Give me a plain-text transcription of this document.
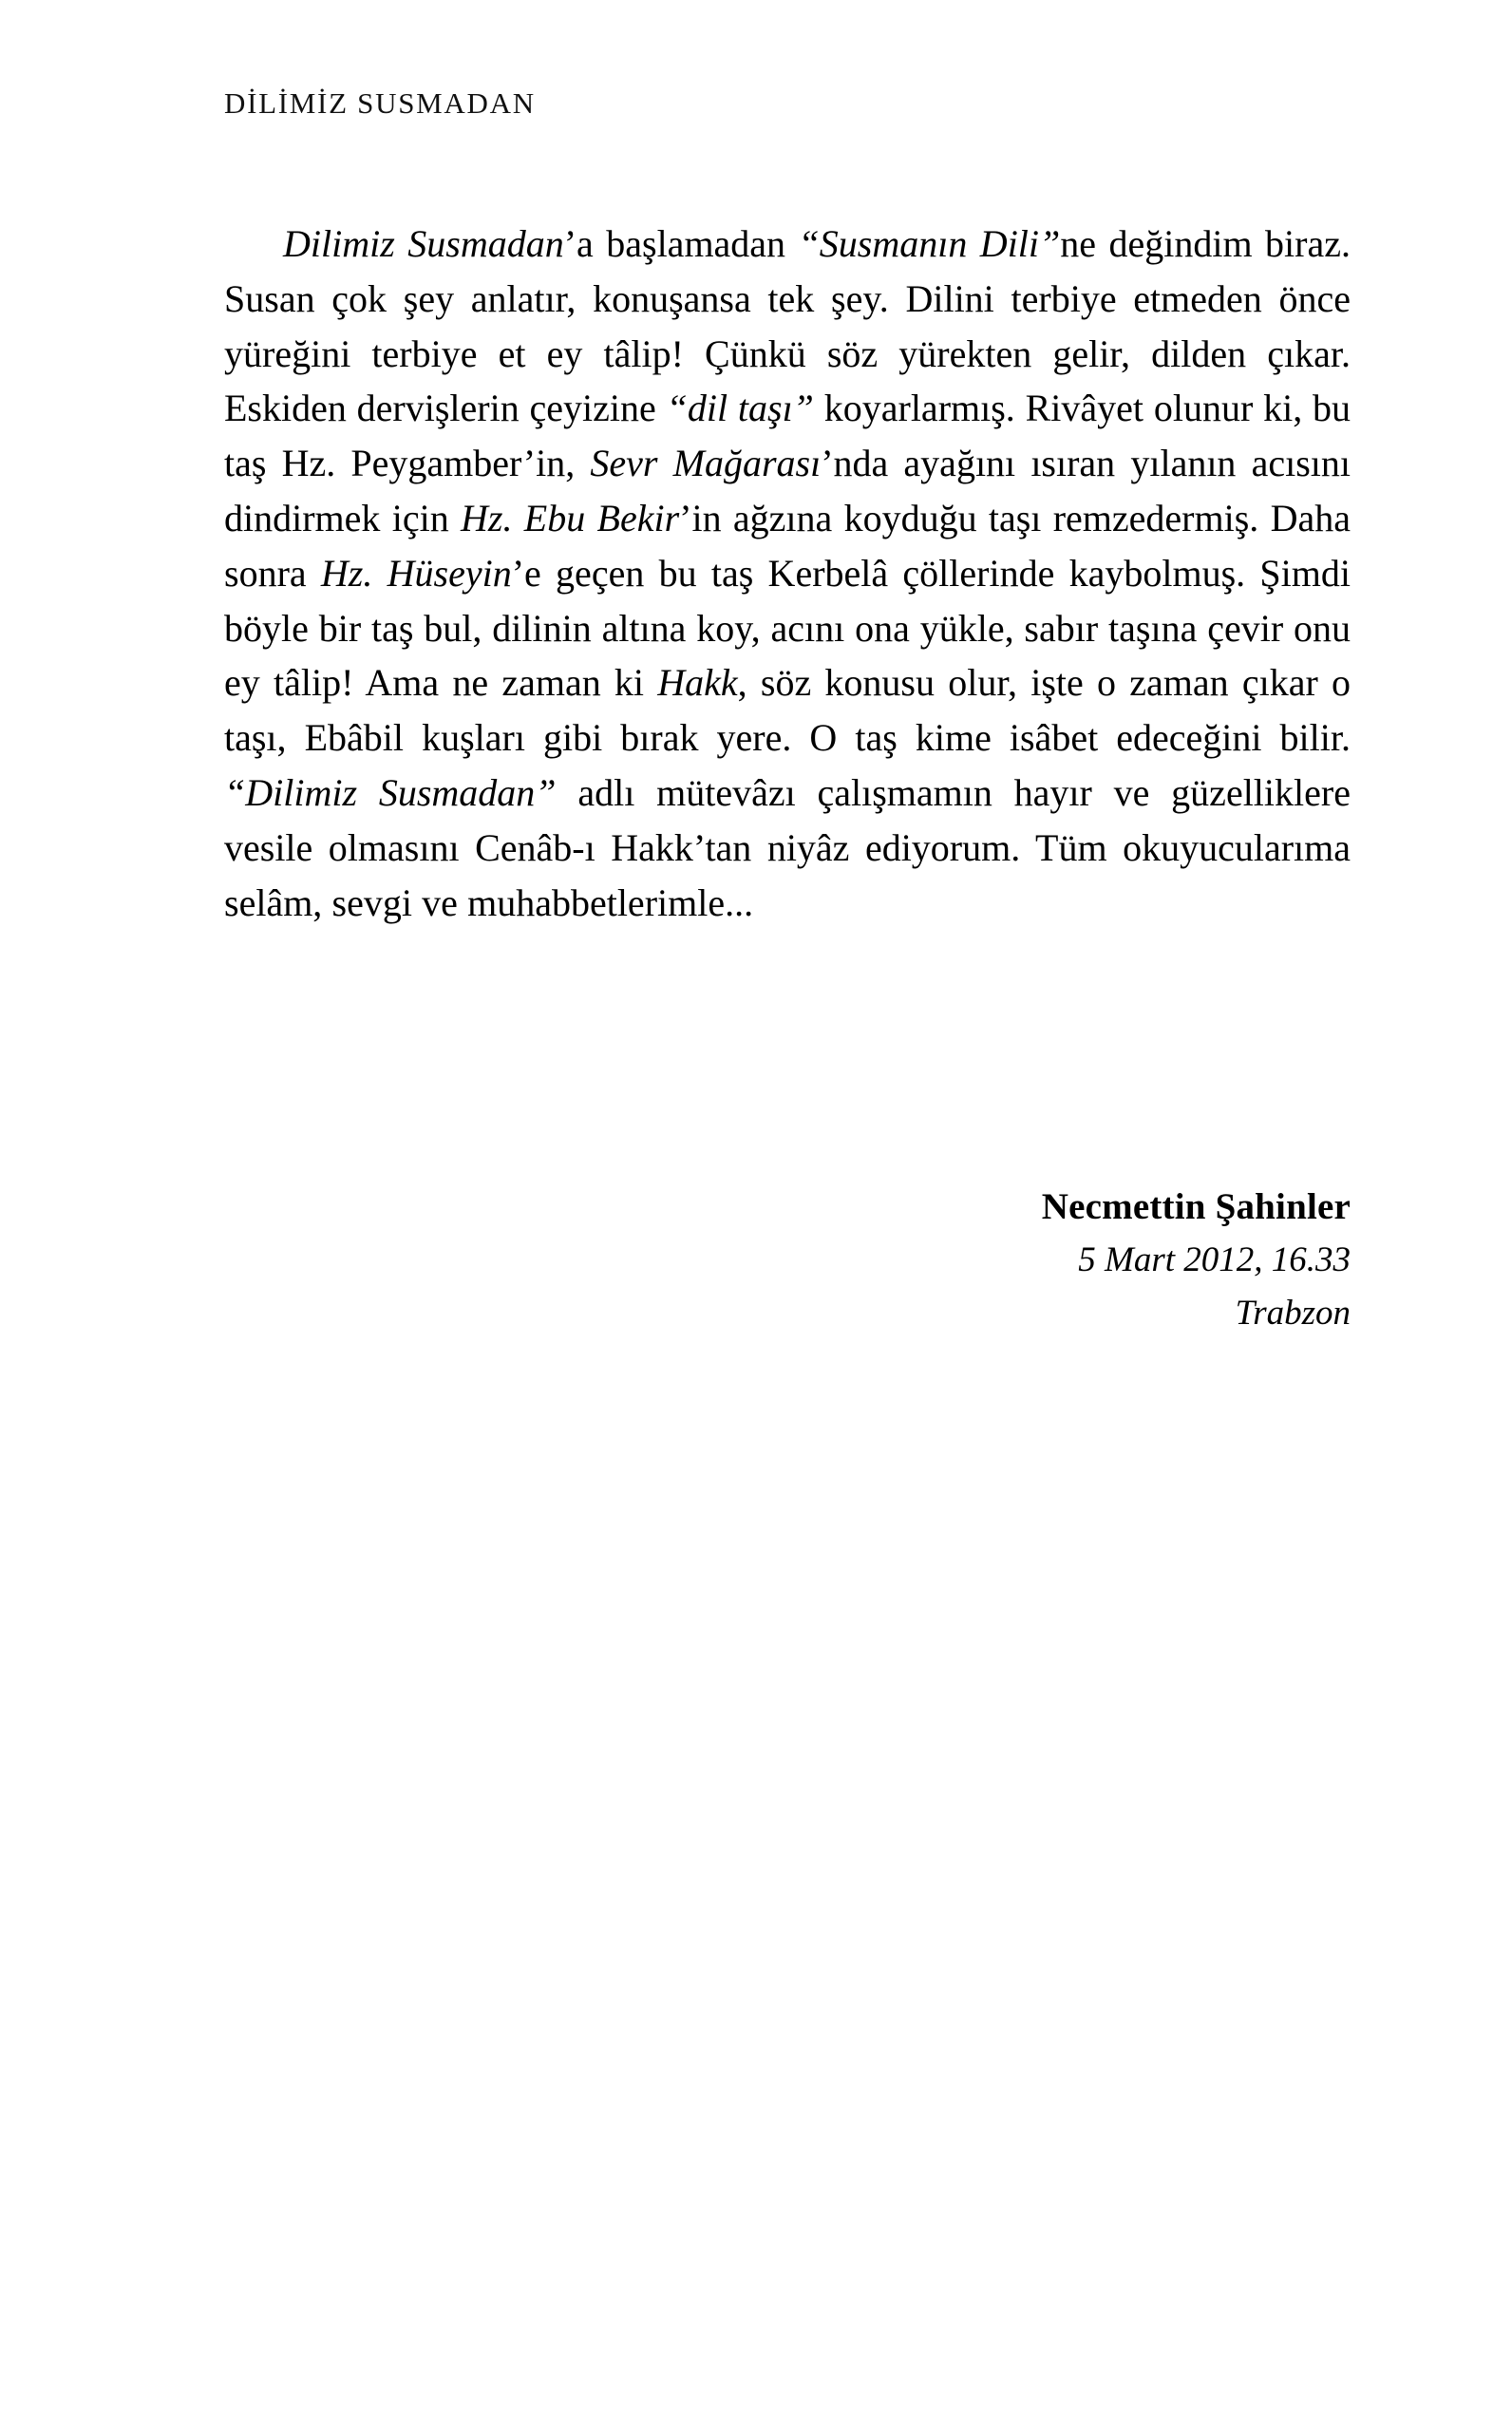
DİLİMİZ SUSMADAN

Dilimiz Susmadan’a başlamadan “Susmanın Dili”ne değindim biraz. Susan çok şey anlatır, konuşansa tek şey. Dilini terbiye etmeden önce yüreğini terbiye et ey tâlip! Çünkü söz yürekten gelir, dilden çıkar. Eskiden dervişlerin çeyizine “dil taşı” koyarlarmış. Rivâyet olunur ki, bu taş Hz. Peygamber’in, Sevr Mağarası’nda ayağını ısıran yılanın acısını dindirmek için Hz. Ebu Bekir’in ağzına koyduğu taşı remzedermiş. Daha sonra Hz. Hüseyin’e geçen bu taş Kerbelâ çöllerinde kaybolmuş. Şimdi böyle bir taş bul, dilinin altına koy, acını ona yükle, sabır taşına çevir onu ey tâlip! Ama ne zaman ki Hakk, söz konusu olur, işte o zaman çıkar o taşı, Ebâbil kuşları gibi bırak yere. O taş kime isâbet edeceğini bilir. “Dilimiz Susmadan” adlı mütevâzı çalışmamın hayır ve güzelliklere vesile olmasını Cenâb-ı Hakk’tan niyâz ediyorum. Tüm okuyucularıma selâm, sevgi ve muhabbetlerimle...

Necmettin Şahinler

5 Mart 2012, 16.33

Trabzon
